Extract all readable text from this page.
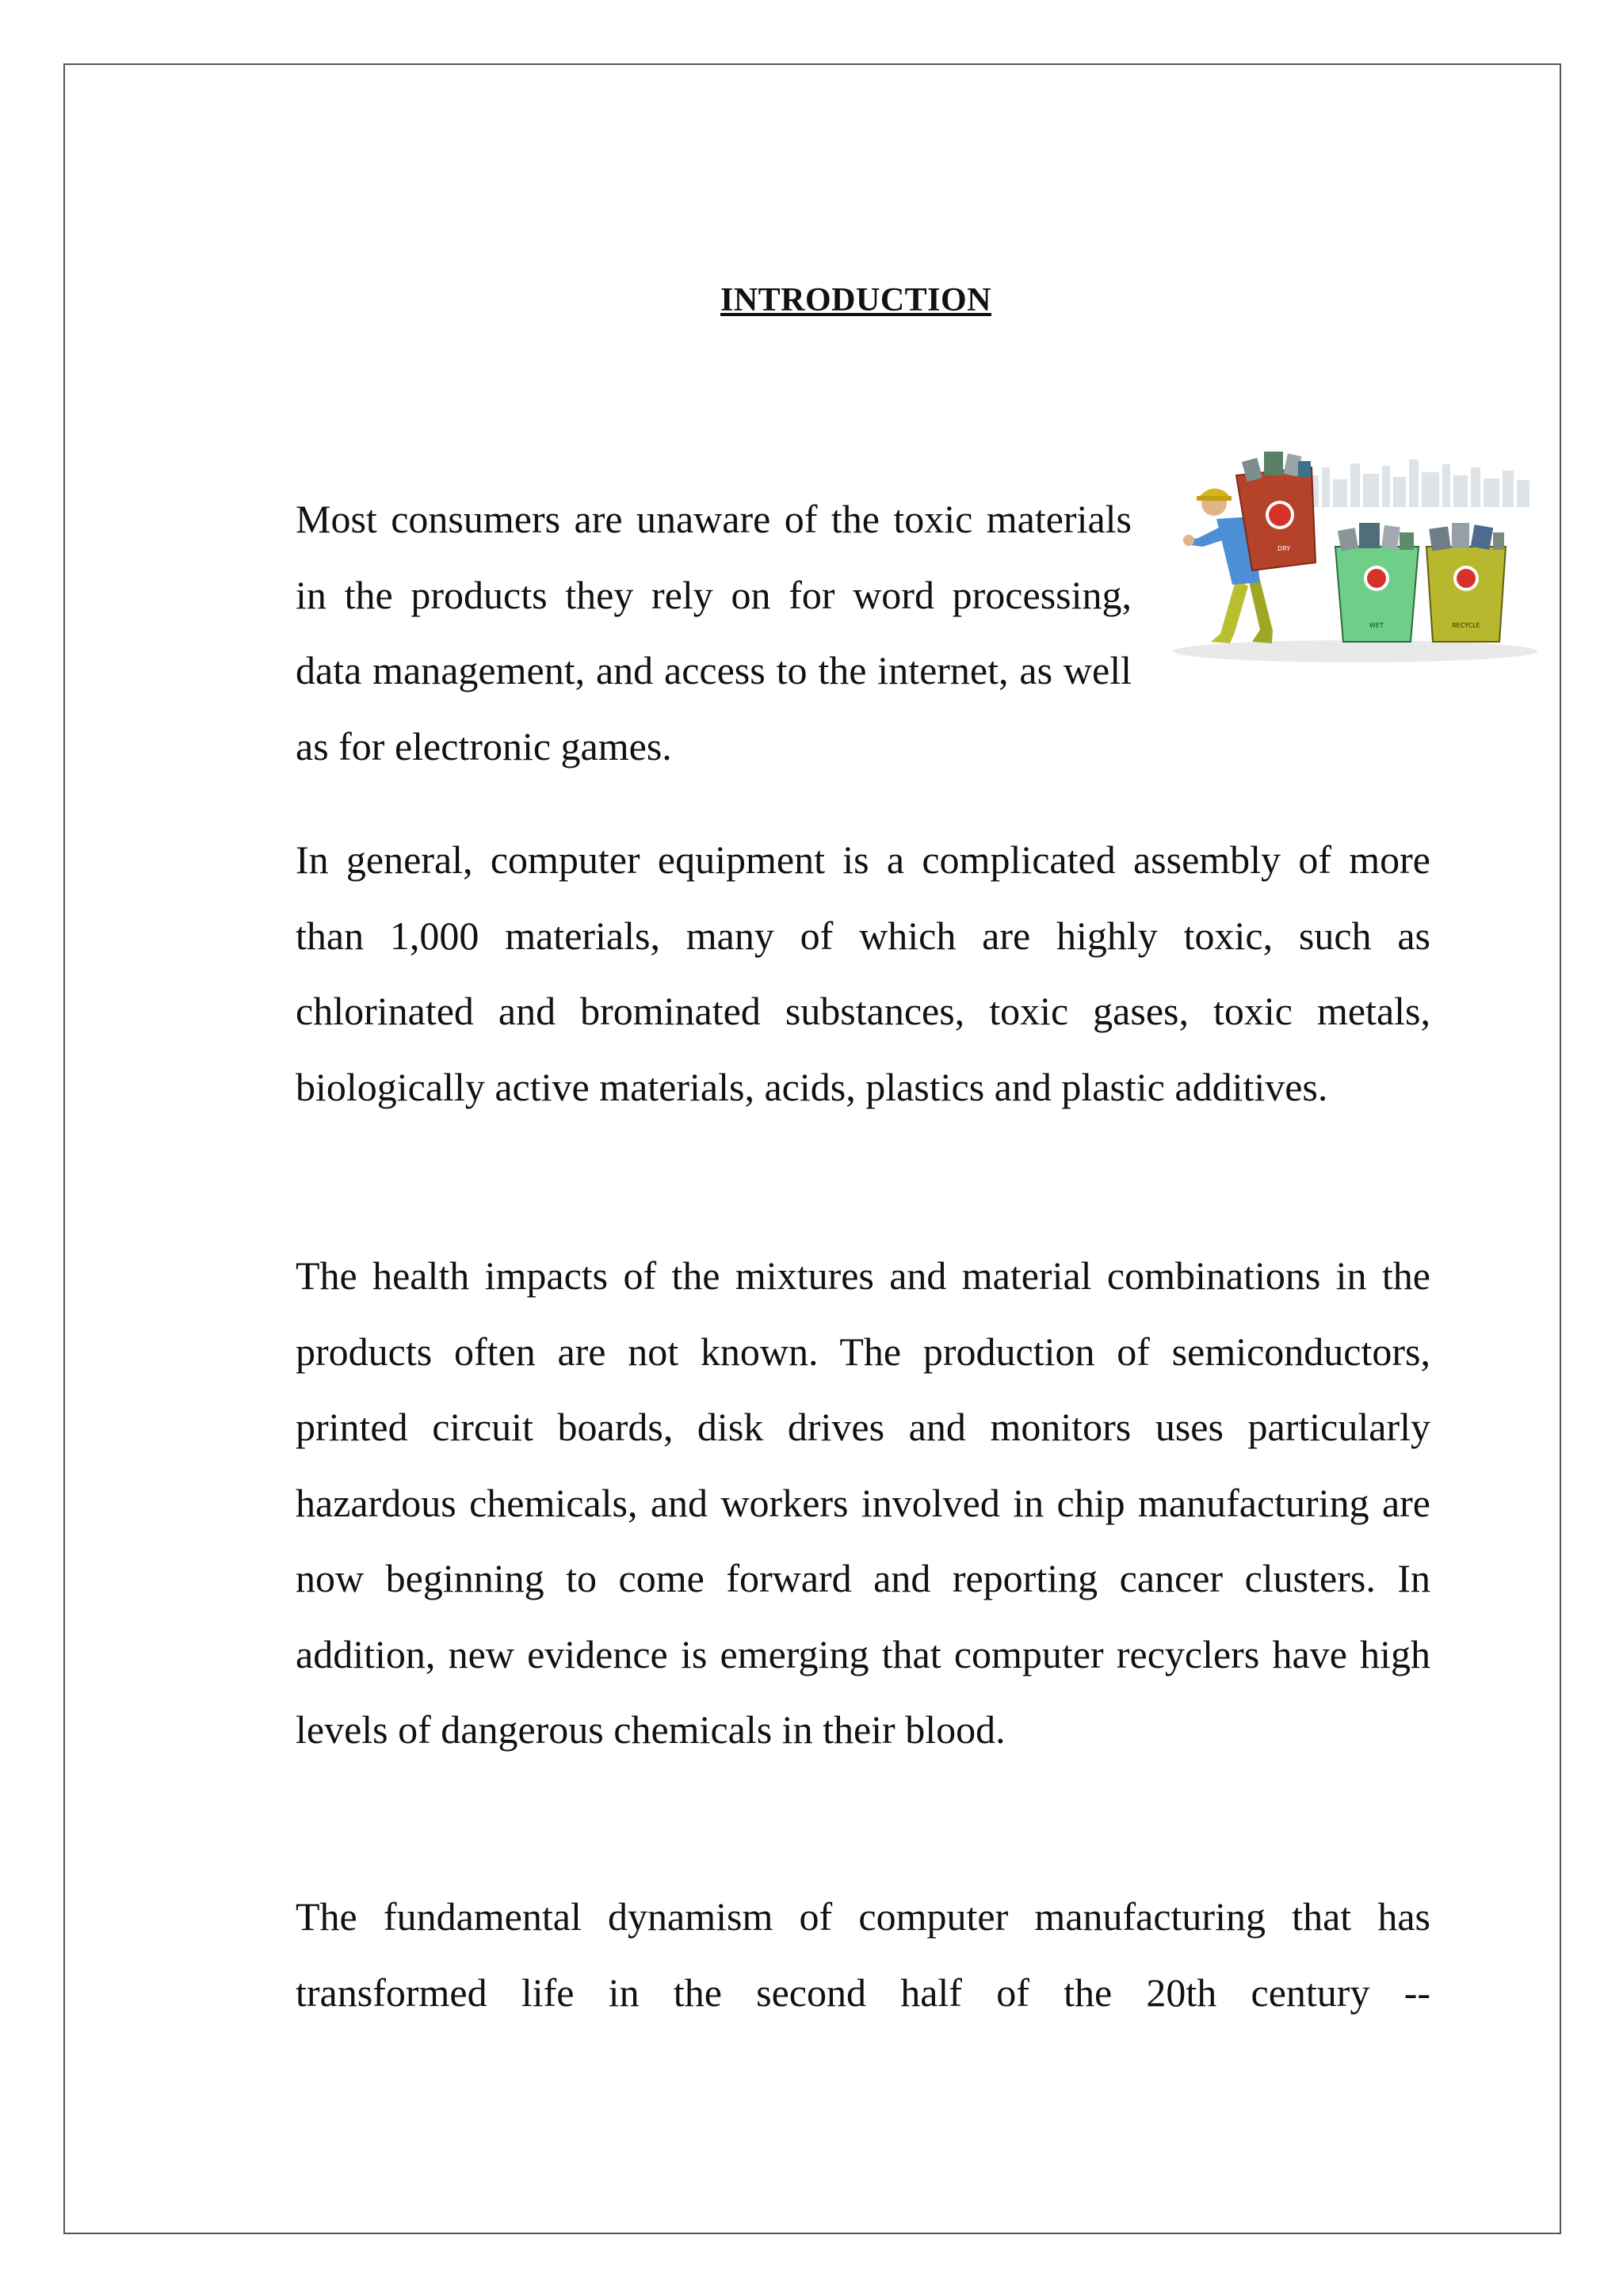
INTRODUCTION
Most consumers are unaware of the toxic materials in the products they rely on for word processing, data management, and access to the internet, as well as for electronic games.
DRY
WET	RECYCLE
In general, computer equipment is a complicated assembly of more than 1,000 materials, many of which are highly toxic, such as chlorinated and brominated substances, toxic gases, toxic metals, biologically active materials, acids, plastics and plastic additives.
The health impacts of the mixtures and material combinations in the products often are not known. The production of semiconductors, printed circuit boards, disk drives and monitors uses particularly hazardous chemicals, and workers involved in chip manufacturing are now beginning to come forward and reporting cancer clusters. In addition, new evidence is emerging that computer recyclers have high levels of dangerous chemicals in their blood.
The fundamental dynamism of computer manufacturing that has transformed life in the second half of the 20th century --
